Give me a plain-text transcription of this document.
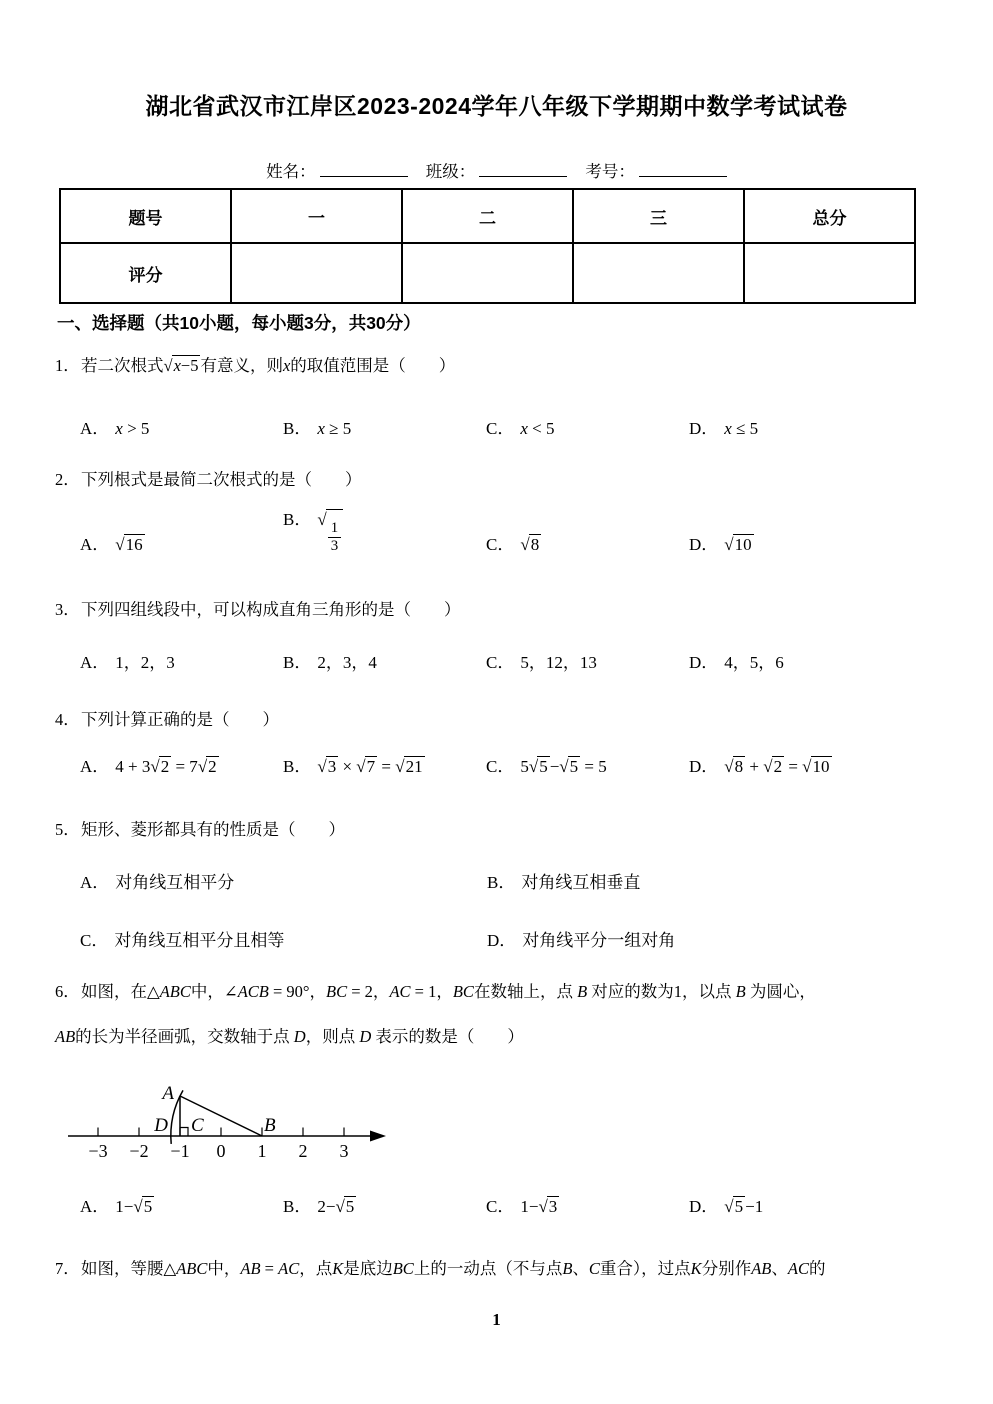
湖北省武汉市江岸区2023-2024学年八年级下学期期中数学考试试卷
姓名：	班级：	考号：
题号	一	二	三	总分
评分				
一、选择题（共10小题，每小题3分，共30分）
1．若二次根式√x−5 有意义，则x的取值范围是（　　）
A． x > 5	B． x ≥ 5	C． x < 5	D． x ≤ 5
2．下列根式是最简二次根式的是（　　）
A． √16
B． √
$\frac{1}{3}$	C． √8	D． √10
3．下列四组线段中，可以构成直角三角形的是（　　）
A． 1，2，3	B． 2，3，4	C． 5，12，13	D． 4，5，6
4．下列计算正确的是（　　）
A． 4 + 3√2 = 7√2	B． √3 × √7 = √21	C． 5√5 −√5 = 5	D． √8 + √2 = √10
5．矩形、菱形都具有的性质是（　　）
A． 对角线互相平分	B． 对角线互相垂直
C． 对角线互相平分且相等	D． 对角线平分一组对角
6．如图，在△ABC中，∠ACB = 90°，BC = 2，AC = 1，BC在数轴上，点 B 对应的数为1，以点 B 为圆心，
AB的长为半径画弧，交数轴于点 D，则点 D 表示的数是（　　）
A
D C	B
−3 −2 −1 0 1 2 3
A． 1−√5	B． 2−√5	C． 1−√3	D． √5 −1
7．如图，等腰△ABC中，AB = AC，点K是底边BC上的一动点（不与点B、C重合），过点K分别作AB、AC的
1
